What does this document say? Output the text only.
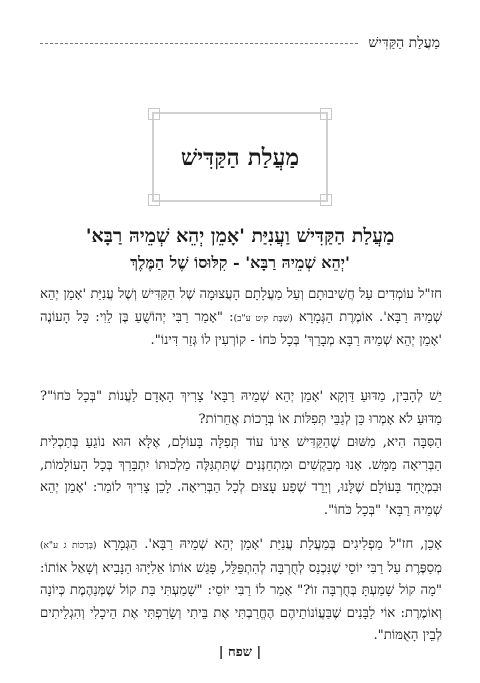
מַעֲלַת הַקַּדִּישׁ
מַעֲלַת הַקַּדִּישׁ
מַעֲלַת הַקַּדִּישׁ וַעֲנִיַּת 'אָמֵן יְהֵא שְׁמֵיהּ רַבָּא'
'יְהֵא שְׁמֵיהּ רַבָּא' - קִלּוּסוֹ שֶׁל הַמֶּלֶךְ

חז"ל עוֹמְדִים עַל חֲשִׁיבוּתָם וְעַל מַעֲלָתָם הָעֲצוּמָה שֶׁל הַקַּדִּישׁ וְשֶׁל עֲנִיַּת 'אָמֵן יְהֵא שְׁמֵיהּ רַבָּא'. אוֹמֶרֶת הַגְּמָרָא (שַׁבָּת קיט ע"ב): "אָמַר רַבִּי יְהוֹשֻׁעַ בֶּן לֵוִי: כָּל הָעוֹנֶה 'אָמֵן יְהֵא שְׁמֵיהּ רַבָּא מְבָרַךְ' בְּכָל כֹּחוֹ - קוֹרְעִין לוֹ גְּזַר דִּינוֹ".

יֵשׁ לְהָבִין, מַדּוּעַ דַּוְקָא 'אָמֵן יְהֵא שְׁמֵיהּ רַבָּא' צָרִיךְ הָאָדָם לַעֲנוֹת "בְּכָל כֹּחוֹ"? מַדּוּעַ לֹא אָמְרוּ כֵּן לְגַבֵּי תְּפִלּוֹת אוֹ בְּרָכוֹת אֲחֵרוֹת?

הַסִּבָּה הִיא, מִשּׁוּם שֶׁהַקַּדִּישׁ אֵינוֹ עוֹד תְּפִלָּה בָּעוֹלָם, אֶלָּא הוּא נוֹגֵעַ בְּתַכְלִית הַבְּרִיאָה מַמָּשׁ. אָנוּ מְבַקְשִׁים וּמִתְחַנְּנִים שֶׁתִּתְגַּלֶּה מַלְכוּתוֹ יִתְבָּרַךְ בְּכָל הָעוֹלָמוֹת, וּבִמְיֻחָד בָּעוֹלָם שֶׁלָּנוּ, וְיֵרֵד שֶׁפַע עָצוּם לְכָל הַבְּרִיאָה. לָכֵן צָרִיךְ לוֹמַר: 'אָמֵן יְהֵא שְׁמֵיהּ רַבָּא' "בְּכָל כֹּחוֹ".

אָכֵן, חז"ל מַפְלִיגִים בְּמַעֲלַת עֲנִיַּת 'אָמֵן יְהֵא שְׁמֵיהּ רַבָּא'. הַגְּמָרָא (בְּרָכוֹת ג ע"א) מְסַפֶּרֶת עַל רַבִּי יוֹסֵי שֶׁנִּכְנַס לְחֻרְבָּה לְהִתְפַּלֵּל, פָּגַשׁ אוֹתוֹ אֵלִיָּהוּ הַנָּבִיא וְשָׁאַל אוֹתוֹ: "מָה קוֹל שָׁמַעְתָּ בְּחֻרְבָּה זוֹ?" אָמַר לוֹ רַבִּי יוֹסֵי: "שָׁמַעְתִּי בַּת קוֹל שֶׁמְּנַהֶמֶת כְּיוֹנָה וְאוֹמֶרֶת: אוֹי לַבָּנִים שֶׁבַּעֲוֹנוֹתֵיהֶם הֶחֱרַבְתִּי אֶת בֵּיתִי וְשָׂרַפְתִּי אֶת הֵיכָלִי וְהִגְלֵיתִים לְבֵין הָאֻמּוֹת".

| שפח |
